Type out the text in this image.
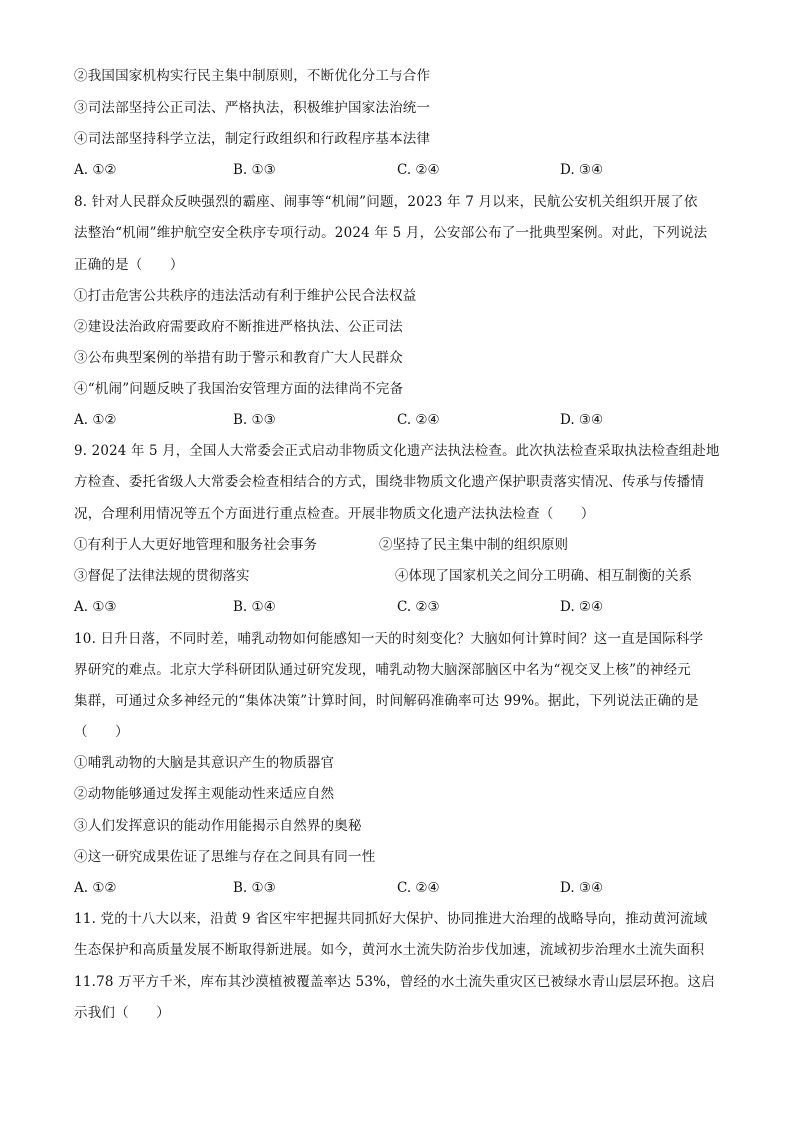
②我国国家机构实行民主集中制原则，不断优化分工与合作
③司法部坚持公正司法、严格执法，积极维护国家法治统一
④司法部坚持科学立法，制定行政组织和行政程序基本法律
A. ①②	B. ①③	C. ②④	D. ③④
8. 针对人民群众反映强烈的霸座、闹事等“机闹”问题，2023 年 7 月以来，民航公安机关组织开展了依
法整治“机闹”维护航空安全秩序专项行动。2024 年 5 月，公安部公布了一批典型案例。对此，下列说法
正确的是（　　）
①打击危害公共秩序的违法活动有利于维护公民合法权益
②建设法治政府需要政府不断推进严格执法、公正司法
③公布典型案例的举措有助于警示和教育广大人民群众
④“机闹”问题反映了我国治安管理方面的法律尚不完备
A. ①②	B. ①③	C. ②④	D. ③④
9. 2024 年 5 月，全国人大常委会正式启动非物质文化遗产法执法检查。此次执法检查采取执法检查组赴地
方检查、委托省级人大常委会检查相结合的方式，围绕非物质文化遗产保护职责落实情况、传承与传播情
况，合理利用情况等五个方面进行重点检查。开展非物质文化遗产法执法检查（　　）
①有利于人大更好地管理和服务社会事务	②坚持了民主集中制的组织原则
③督促了法律法规的贯彻落实	④体现了国家机关之间分工明确、相互制衡的关系
A. ①③	B. ①④	C. ②③	D. ②④
10. 日升日落，不同时差，哺乳动物如何能感知一天的时刻变化？大脑如何计算时间？这一直是国际科学
界研究的难点。北京大学科研团队通过研究发现，哺乳动物大脑深部脑区中名为“视交叉上核”的神经元
集群，可通过众多神经元的“集体决策”计算时间，时间解码准确率可达 99%。据此，下列说法正确的是
（　　）
①哺乳动物的大脑是其意识产生的物质器官
②动物能够通过发挥主观能动性来适应自然
③人们发挥意识的能动作用能揭示自然界的奥秘
④这一研究成果佐证了思维与存在之间具有同一性
A. ①②	B. ①③	C. ②④	D. ③④
11. 党的十八大以来，沿黄 9 省区牢牢把握共同抓好大保护、协同推进大治理的战略导向，推动黄河流域
生态保护和高质量发展不断取得新进展。如今，黄河水土流失防治步伐加速，流域初步治理水土流失面积
11.78 万平方千米，库布其沙漠植被覆盖率达 53%，曾经的水土流失重灾区已被绿水青山层层环抱。这启
示我们（　　）
